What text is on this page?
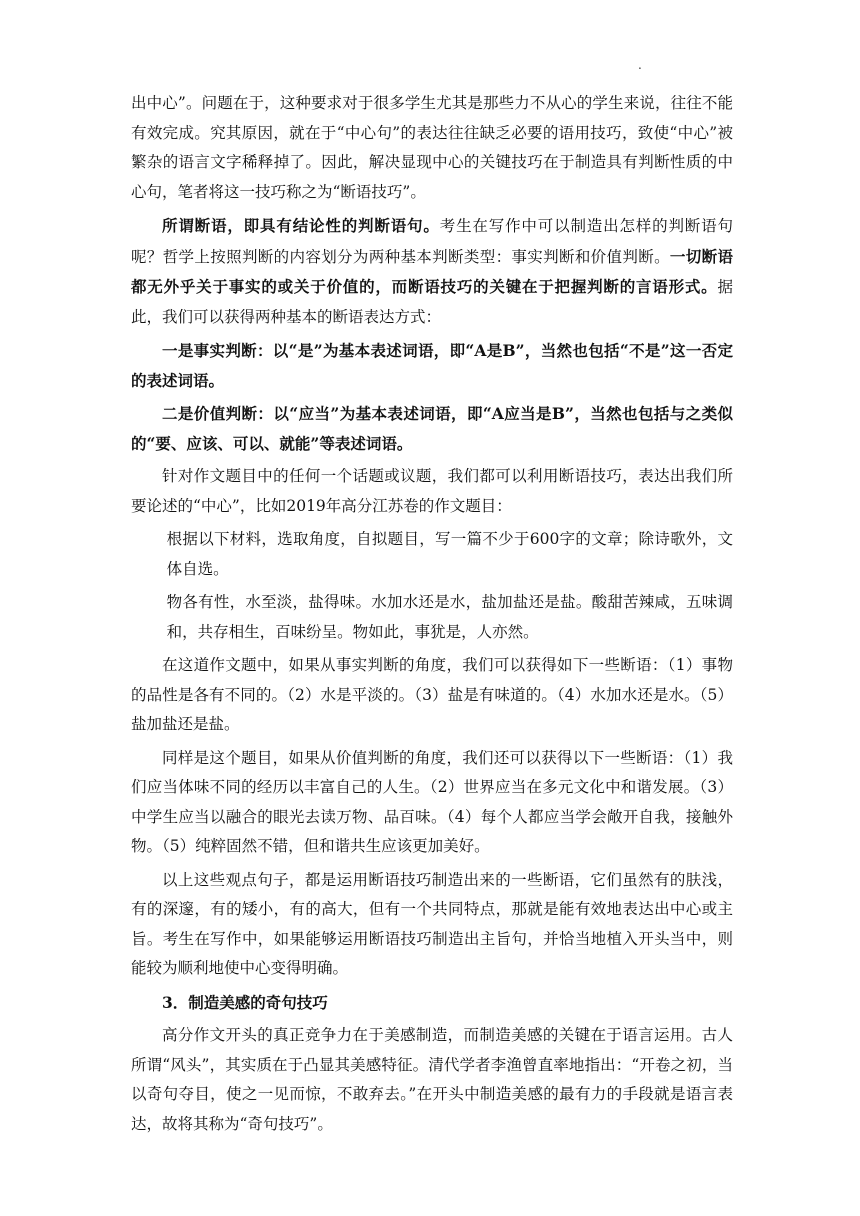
.

出中心”。问题在于，这种要求对于很多学生尤其是那些力不从心的学生来说，往往不能有效完成。究其原因，就在于“中心句”的表达往往缺乏必要的语用技巧，致使“中心”被繁杂的语言文字稀释掉了。因此，解决显现中心的关键技巧在于制造具有判断性质的中心句，笔者将这一技巧称之为“断语技巧”。

所谓断语，即具有结论性的判断语句。考生在写作中可以制造出怎样的判断语句呢？哲学上按照判断的内容划分为两种基本判断类型：事实判断和价值判断。一切断语都无外乎关于事实的或关于价值的，而断语技巧的关键在于把握判断的言语形式。据此，我们可以获得两种基本的断语表达方式：

一是事实判断：以“是”为基本表述词语，即“A是B”，当然也包括“不是”这一否定的表述词语。

二是价值判断：以“应当”为基本表述词语，即“A应当是B”，当然也包括与之类似的“要、应该、可以、就能”等表述词语。

针对作文题目中的任何一个话题或议题，我们都可以利用断语技巧，表达出我们所要论述的“中心”，比如2019年高分江苏卷的作文题目：

根据以下材料，选取角度，自拟题目，写一篇不少于600字的文章；除诗歌外，文体自选。

物各有性，水至淡，盐得味。水加水还是水，盐加盐还是盐。酸甜苦辣咸，五味调和，共存相生，百味纷呈。物如此，事犹是，人亦然。

在这道作文题中，如果从事实判断的角度，我们可以获得如下一些断语：（1）事物的品性是各有不同的。（2）水是平淡的。（3）盐是有味道的。（4）水加水还是水。（5）盐加盐还是盐。

同样是这个题目，如果从价值判断的角度，我们还可以获得以下一些断语：（1）我们应当体味不同的经历以丰富自己的人生。（2）世界应当在多元文化中和谐发展。（3）中学生应当以融合的眼光去读万物、品百味。（4）每个人都应当学会敞开自我，接触外物。（5）纯粹固然不错，但和谐共生应该更加美好。

以上这些观点句子，都是运用断语技巧制造出来的一些断语，它们虽然有的肤浅，有的深邃，有的矮小，有的高大，但有一个共同特点，那就是能有效地表达出中心或主旨。考生在写作中，如果能够运用断语技巧制造出主旨句，并恰当地植入开头当中，则能较为顺利地使中心变得明确。

3．制造美感的奇句技巧

高分作文开头的真正竞争力在于美感制造，而制造美感的关键在于语言运用。古人所谓“风头”，其实质在于凸显其美感特征。清代学者李渔曾直率地指出：“开卷之初，当以奇句夺目，使之一见而惊，不敢弃去。”在开头中制造美感的最有力的手段就是语言表达，故将其称为“奇句技巧”。
